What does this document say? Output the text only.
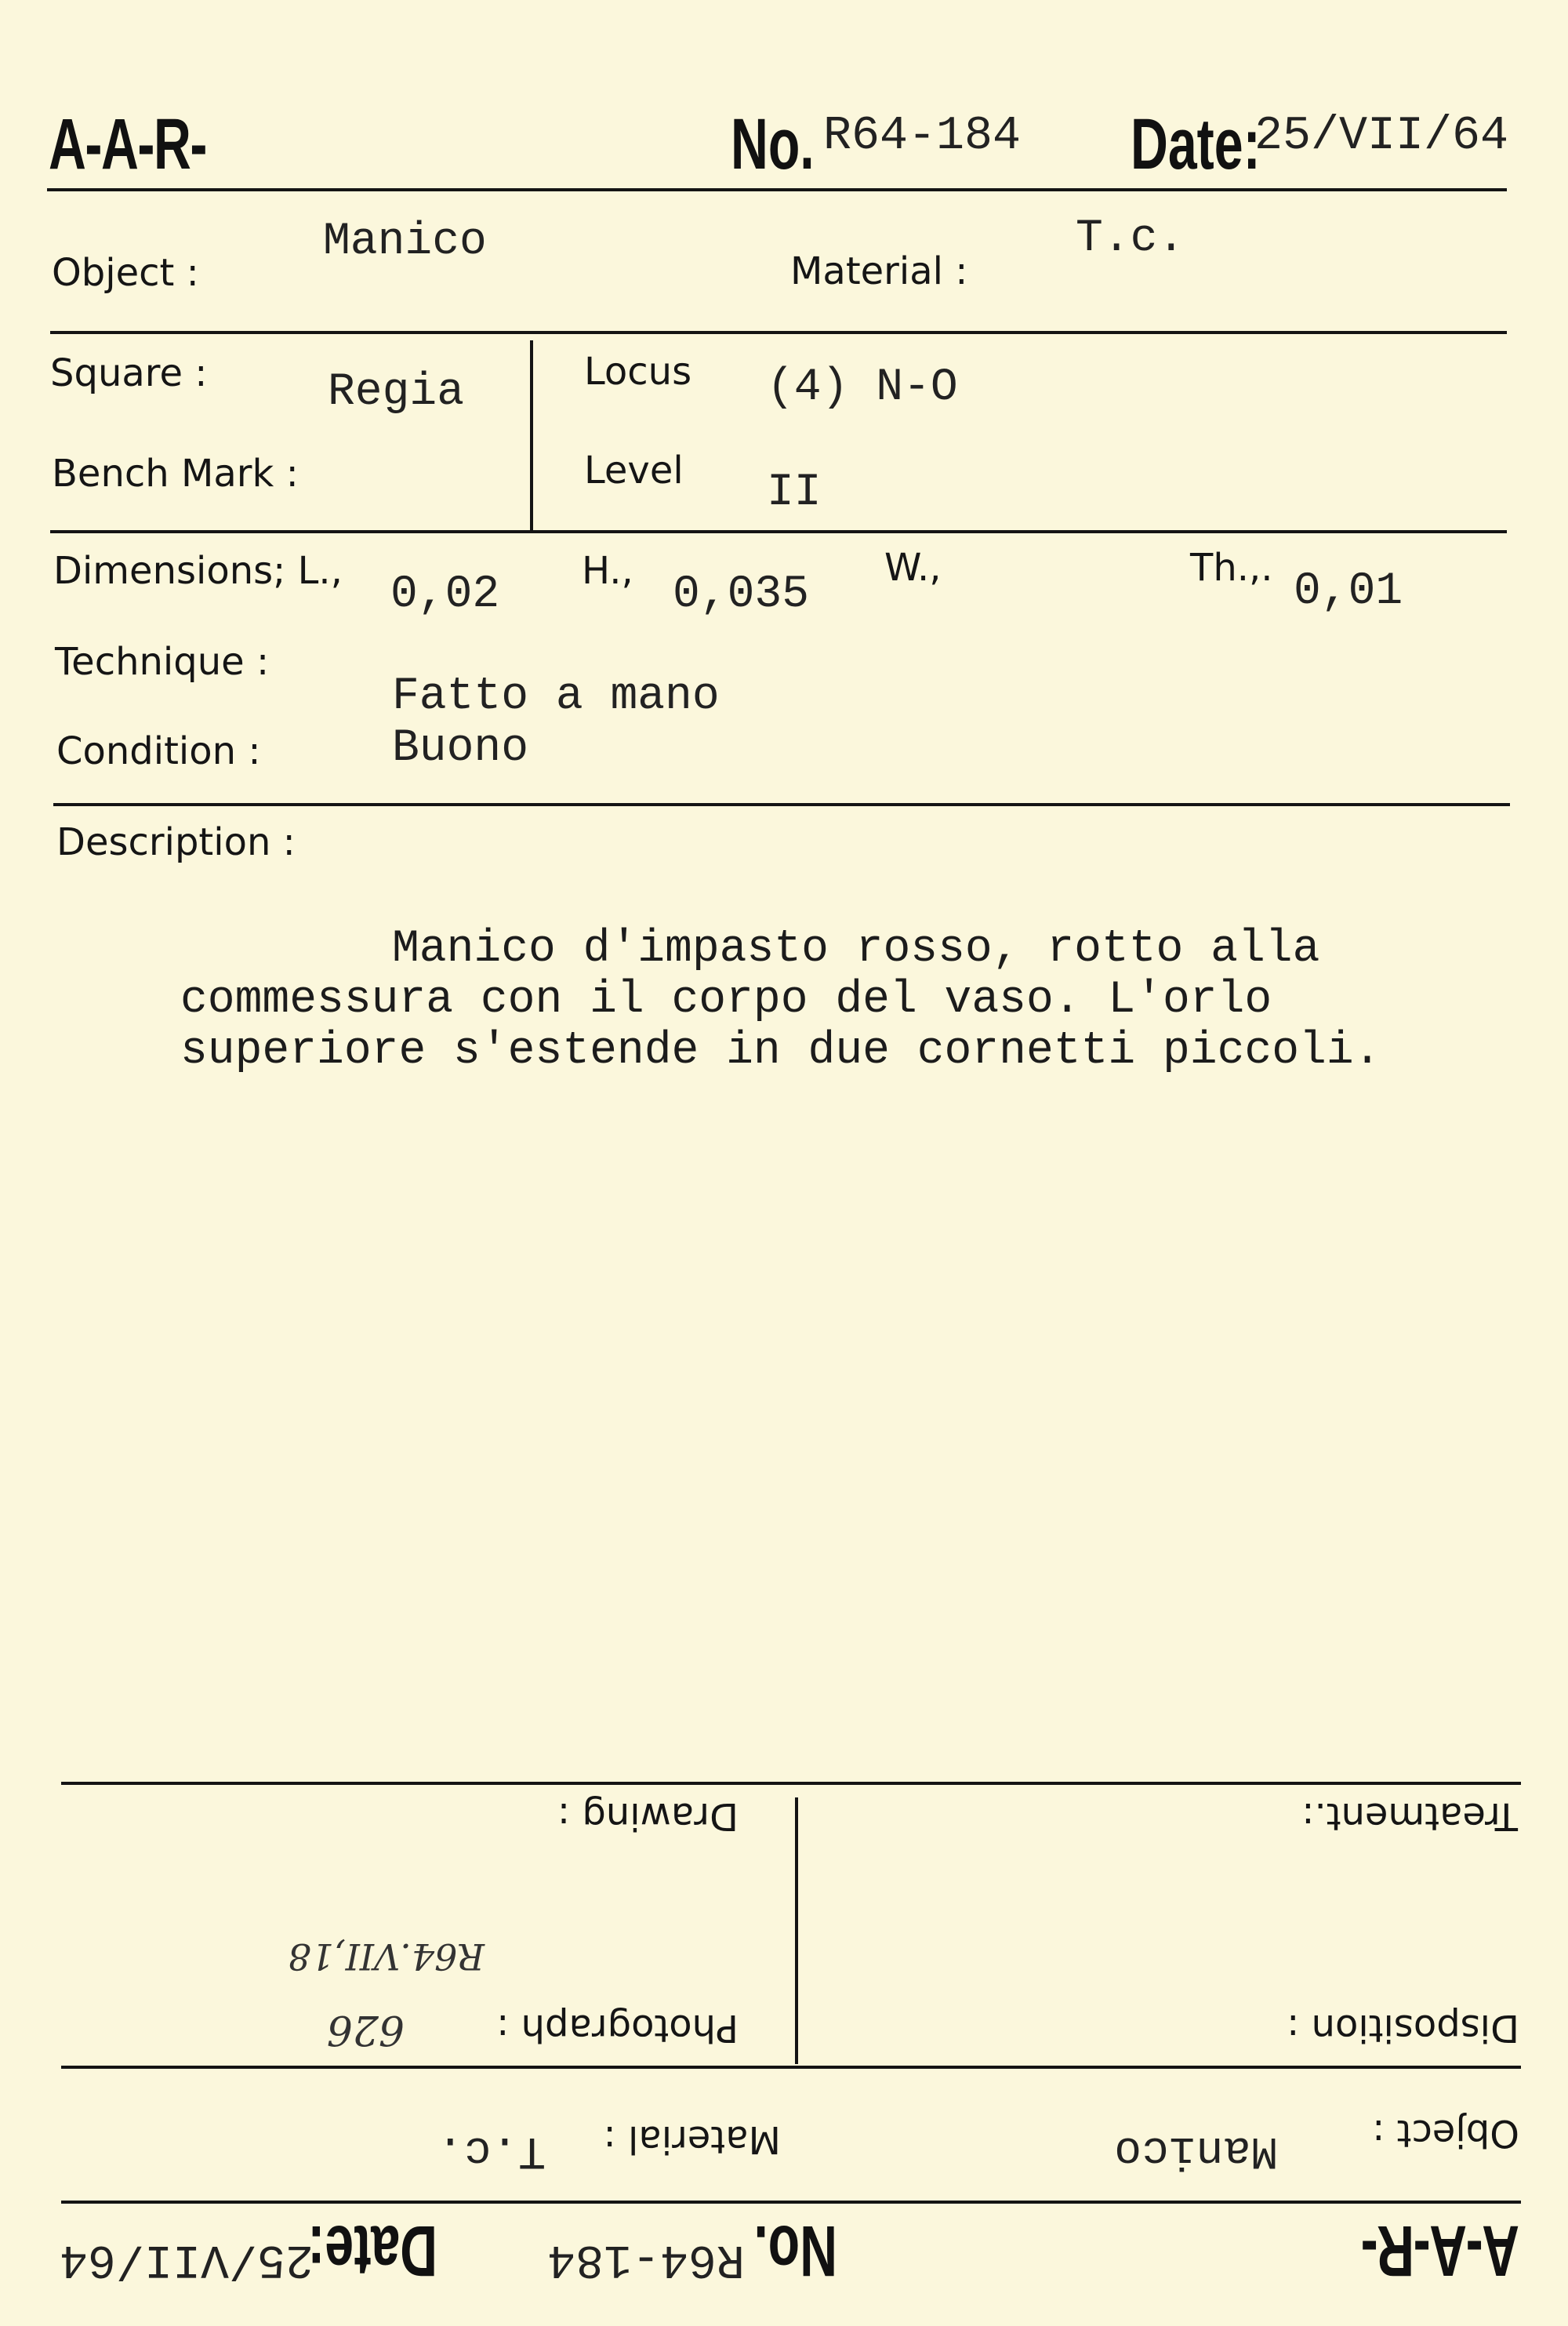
A-A-R-	No. R64-184 Date:
25/VII/64
Object :
Manico
Material :
T.c.
Square :	Regia
Bench Mark :
Locus (4) N-O
Level II
Dimensions; L., 0,02 H., 0,035
W.,	Th.,. 0,01
Technique :
Fatto a mano
Condition :	Buono
Description :
Manico d'impasto rosso, rotto alla
commessura con il corpo del vaso. L'orlo
superiore s'estende in due cornetti piccoli.
A-A-R-
No.
R64-184
Date:
25/VII/64
Object :
Manico
Material :
T.c.
Disposition :
Photograph :
626
R64.VII,18
Treatment.:
Drawing :
